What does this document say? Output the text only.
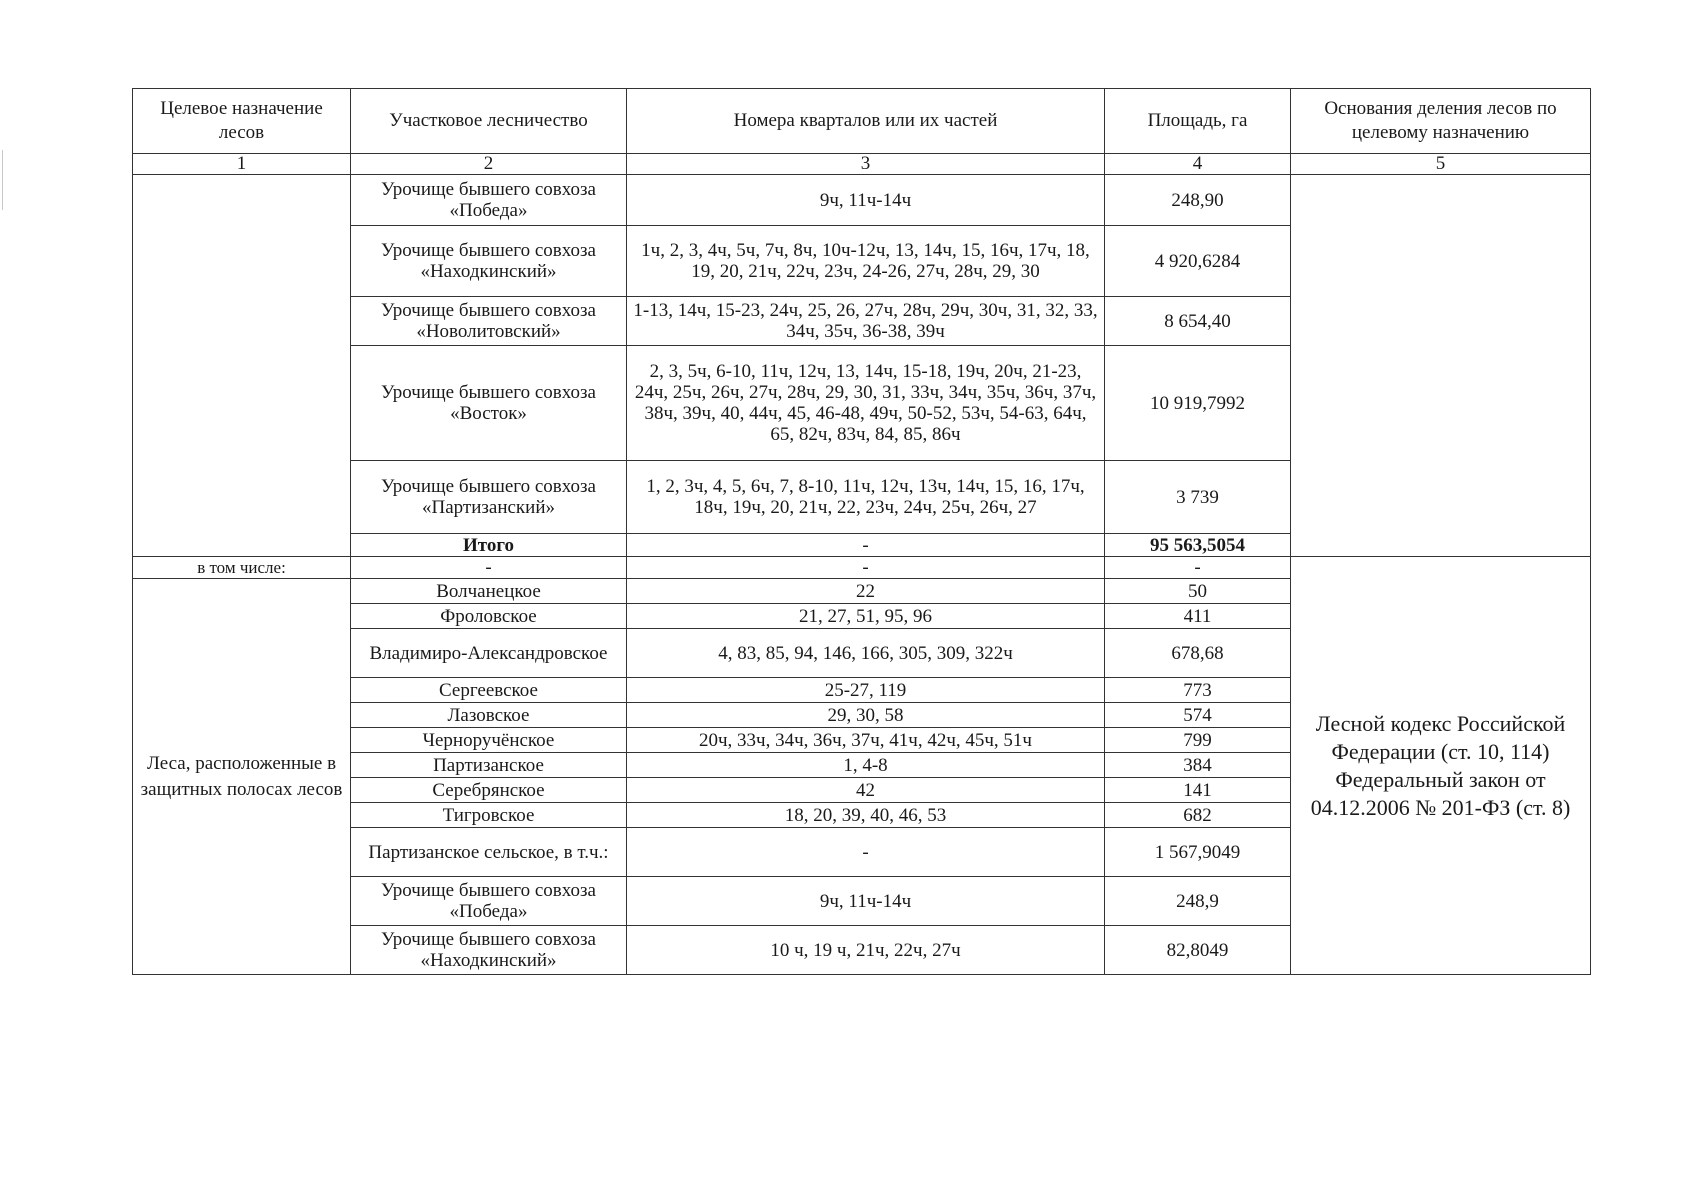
Целевое назначение лесов	Участковое лесничество	Номера кварталов или их частей	Площадь, га	Основания деления лесов по целевому назначению
1	2	3	4	5
	Урочище бывшего совхоза «Победа»	9ч, 11ч-14ч	248,90	
	Урочище бывшего совхоза «Находкинский»	1ч, 2, 3, 4ч, 5ч, 7ч, 8ч, 10ч-12ч, 13, 14ч, 15, 16ч, 17ч, 18, 19, 20, 21ч, 22ч, 23ч, 24-26, 27ч, 28ч, 29, 30	4 920,6284	
	Урочище бывшего совхоза «Новолитовский»	1-13, 14ч, 15-23, 24ч, 25, 26, 27ч, 28ч, 29ч, 30ч, 31, 32, 33, 34ч, 35ч, 36-38, 39ч	8 654,40	
	Урочище бывшего совхоза «Восток»	2, 3, 5ч, 6-10, 11ч, 12ч, 13, 14ч, 15-18, 19ч, 20ч, 21-23, 24ч, 25ч, 26ч, 27ч, 28ч, 29, 30, 31, 33ч, 34ч, 35ч, 36ч, 37ч, 38ч, 39ч, 40, 44ч, 45, 46-48, 49ч, 50-52, 53ч, 54-63, 64ч, 65, 82ч, 83ч, 84, 85, 86ч	10 919,7992	
	Урочище бывшего совхоза «Партизанский»	1, 2, 3ч, 4, 5, 6ч, 7, 8-10, 11ч, 12ч, 13ч, 14ч, 15, 16, 17ч, 18ч, 19ч, 20, 21ч, 22, 23ч, 24ч, 25ч, 26ч, 27	3 739	
	Итого	-	95 563,5054	
в том числе:	-	-	-	Лесной кодекс Российской Федерации (ст. 10, 114)
Федеральный закон от 04.12.2006 № 201-ФЗ (ст. 8)

Леса, расположенные в защитных полосах лесов	Волчанецкое	22	50	
	Фроловское	21, 27, 51, 95, 96	411	
	Владимиро-Александровское	4, 83, 85, 94, 146, 166, 305, 309, 322ч	678,68	
	Сергеевское	25-27, 119	773	
	Лазовское	29, 30, 58	574	
	Черноручёнское	20ч, 33ч, 34ч, 36ч, 37ч, 41ч, 42ч, 45ч, 51ч	799	
	Партизанское	1, 4-8	384	
	Серебрянское	42	141	
	Тигровское	18, 20, 39, 40, 46, 53	682	
	Партизанское сельское, в т.ч.:	-	1 567,9049	
	Урочище бывшего совхоза «Победа»	9ч, 11ч-14ч	248,9	
	Урочище бывшего совхоза «Находкинский»	10 ч, 19 ч, 21ч, 22ч, 27ч	82,8049	
